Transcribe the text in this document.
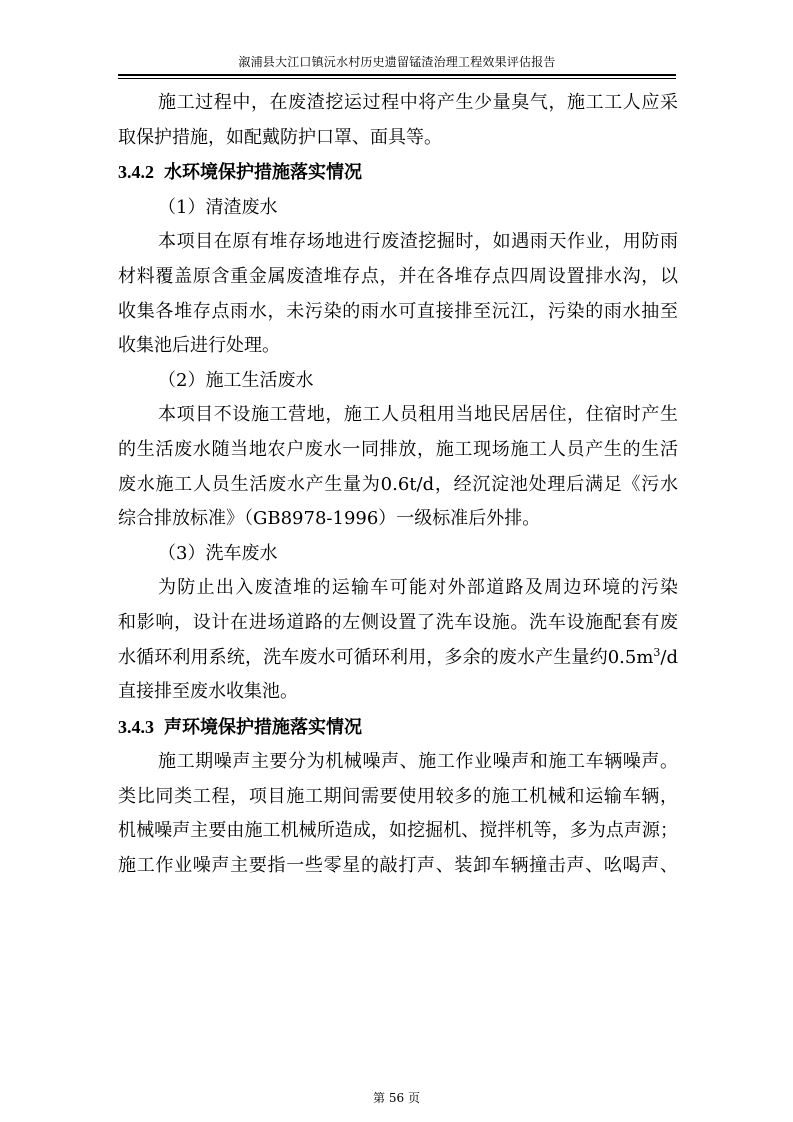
溆浦县大江口镇沅水村历史遗留锰渣治理工程效果评估报告

施工过程中，在废渣挖运过程中将产生少量臭气，施工工人应采

取保护措施，如配戴防护口罩、面具等。

3.4.2 水环境保护措施落实情况

（1）清渣废水

本项目在原有堆存场地进行废渣挖掘时，如遇雨天作业，用防雨

材料覆盖原含重金属废渣堆存点，并在各堆存点四周设置排水沟，以

收集各堆存点雨水，未污染的雨水可直接排至沅江，污染的雨水抽至

收集池后进行处理。

（2）施工生活废水

本项目不设施工营地，施工人员租用当地民居居住，住宿时产生

的生活废水随当地农户废水一同排放，施工现场施工人员产生的生活

废水施工人员生活废水产生量为0.6t/d，经沉淀池处理后满足《污水

综合排放标准》（GB8978-1996）一级标准后外排。

（3）洗车废水

为防止出入废渣堆的运输车可能对外部道路及周边环境的污染

和影响，设计在进场道路的左侧设置了洗车设施。洗车设施配套有废

水循环利用系统，洗车废水可循环利用，多余的废水产生量约$0.5m^3/d$

直接排至废水收集池。

3.4.3 声环境保护措施落实情况

施工期噪声主要分为机械噪声、施工作业噪声和施工车辆噪声。

类比同类工程，项目施工期间需要使用较多的施工机械和运输车辆，

机械噪声主要由施工机械所造成，如挖掘机、搅拌机等，多为点声源；

施工作业噪声主要指一些零星的敲打声、装卸车辆撞击声、吆喝声、

第 56 页
